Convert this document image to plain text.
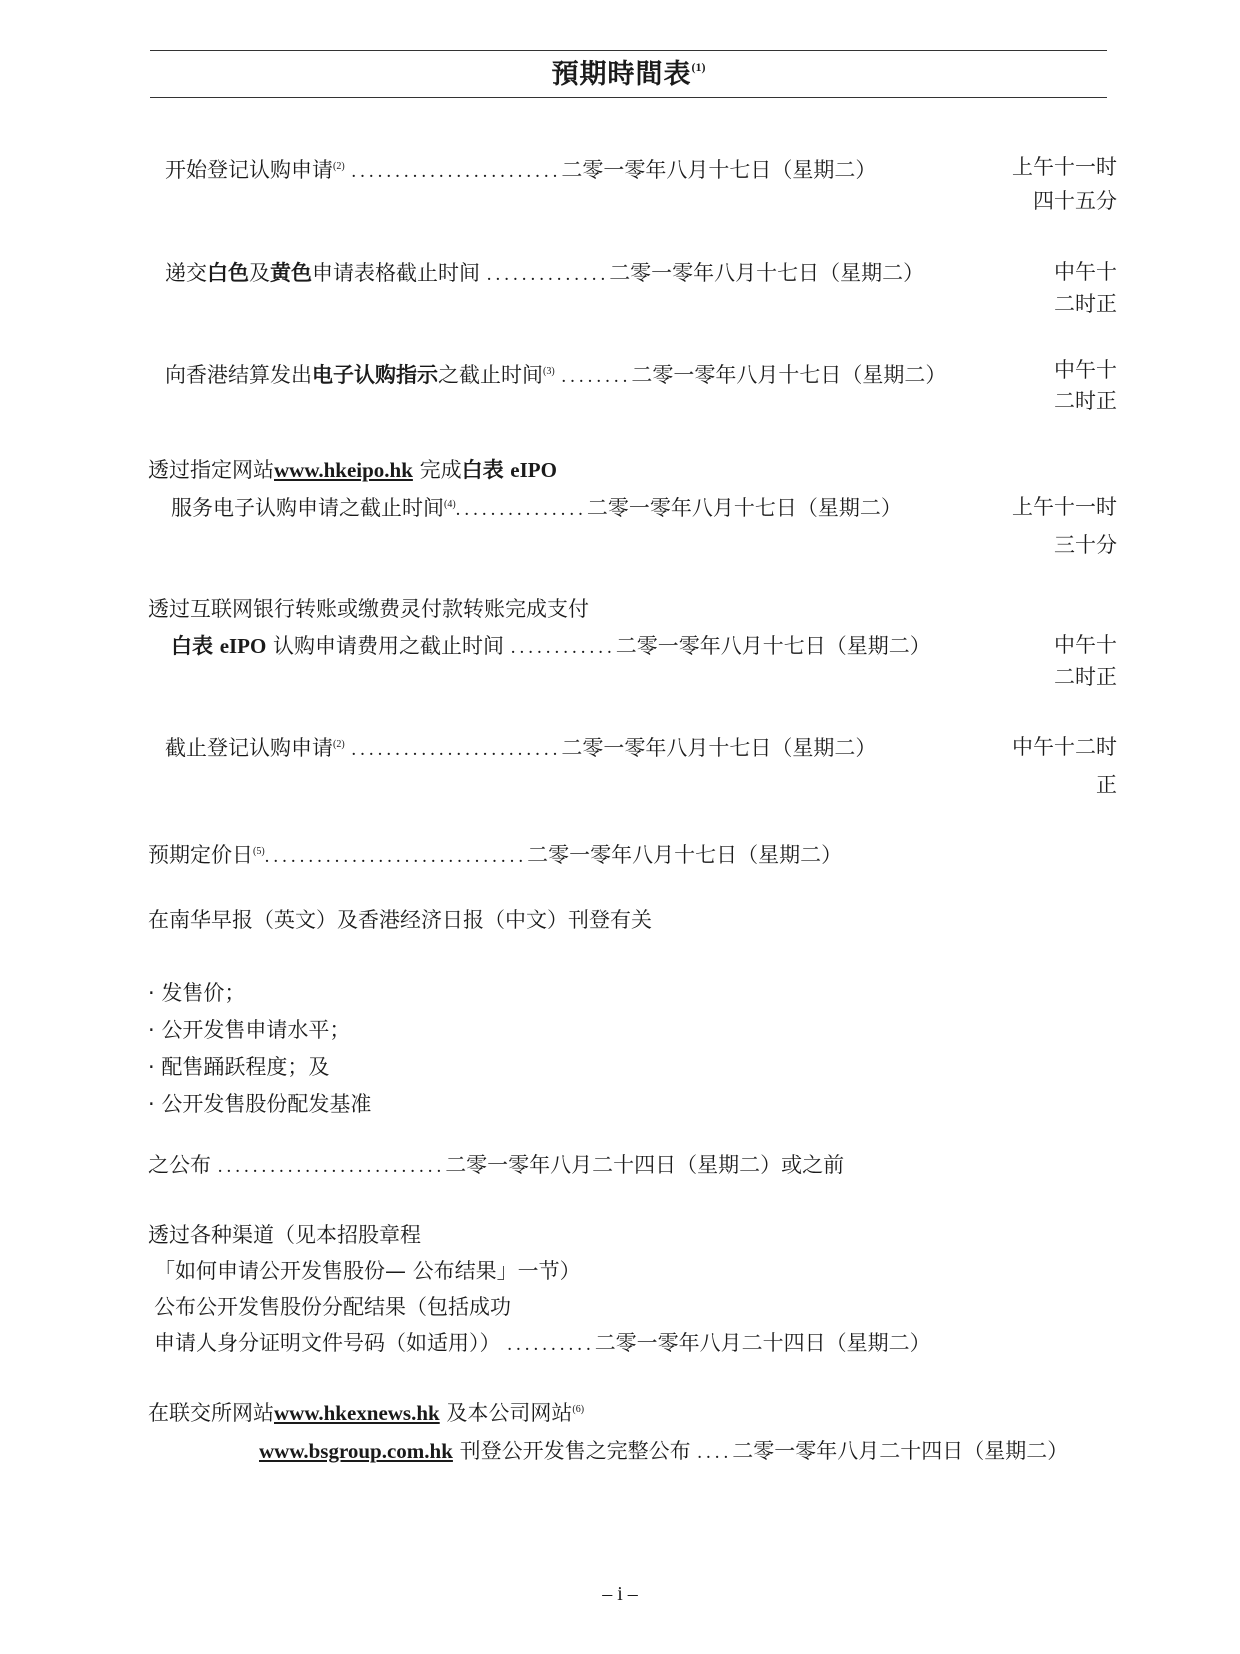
預期時間表$^{(1)}$
开始登记认购申请$^{(2)}$ ........................二零一零年八月十七日（星期二）	上午十一时
四十五分
递交白色及黄色申请表格截止时间 ..............二零一零年八月十七日（星期二）	中午十
二时正
向香港结算发出电子认购指示之截止时间$^{(3)}$ ........二零一零年八月十七日（星期二）	中午十
二时正
透过指定网站www.hkeipo.hk 完成白表 eIPO
服务电子认购申请之截止时间$^{(4)}$...............二零一零年八月十七日（星期二）	上午十一时
三十分
透过互联网银行转账或缴费灵付款转账完成支付
白表 eIPO 认购申请费用之截止时间 ............二零一零年八月十七日（星期二）	中午十
二时正
截止登记认购申请$^{(2)}$ ........................二零一零年八月十七日（星期二）	中午十二时
正
预期定价日$^{(5)}$..............................二零一零年八月十七日（星期二）
在南华早报（英文）及香港经济日报（中文）刊登有关
· 发售价；
· 公开发售申请水平；
· 配售踊跃程度；及
· 公开发售股份配发基准
之公布 ..........................二零一零年八月二十四日（星期二）或之前
透过各种渠道（见本招股章程
「如何申请公开发售股份— 公布结果」一节）
公布公开发售股份分配结果（包括成功
申请人身分证明文件号码（如适用）） ..........二零一零年八月二十四日（星期二）
在联交所网站www.hkexnews.hk 及本公司网站$^{(6)}$
www.bsgroup.com.hk 刊登公开发售之完整公布 ....二零一零年八月二十四日（星期二）
– i –
